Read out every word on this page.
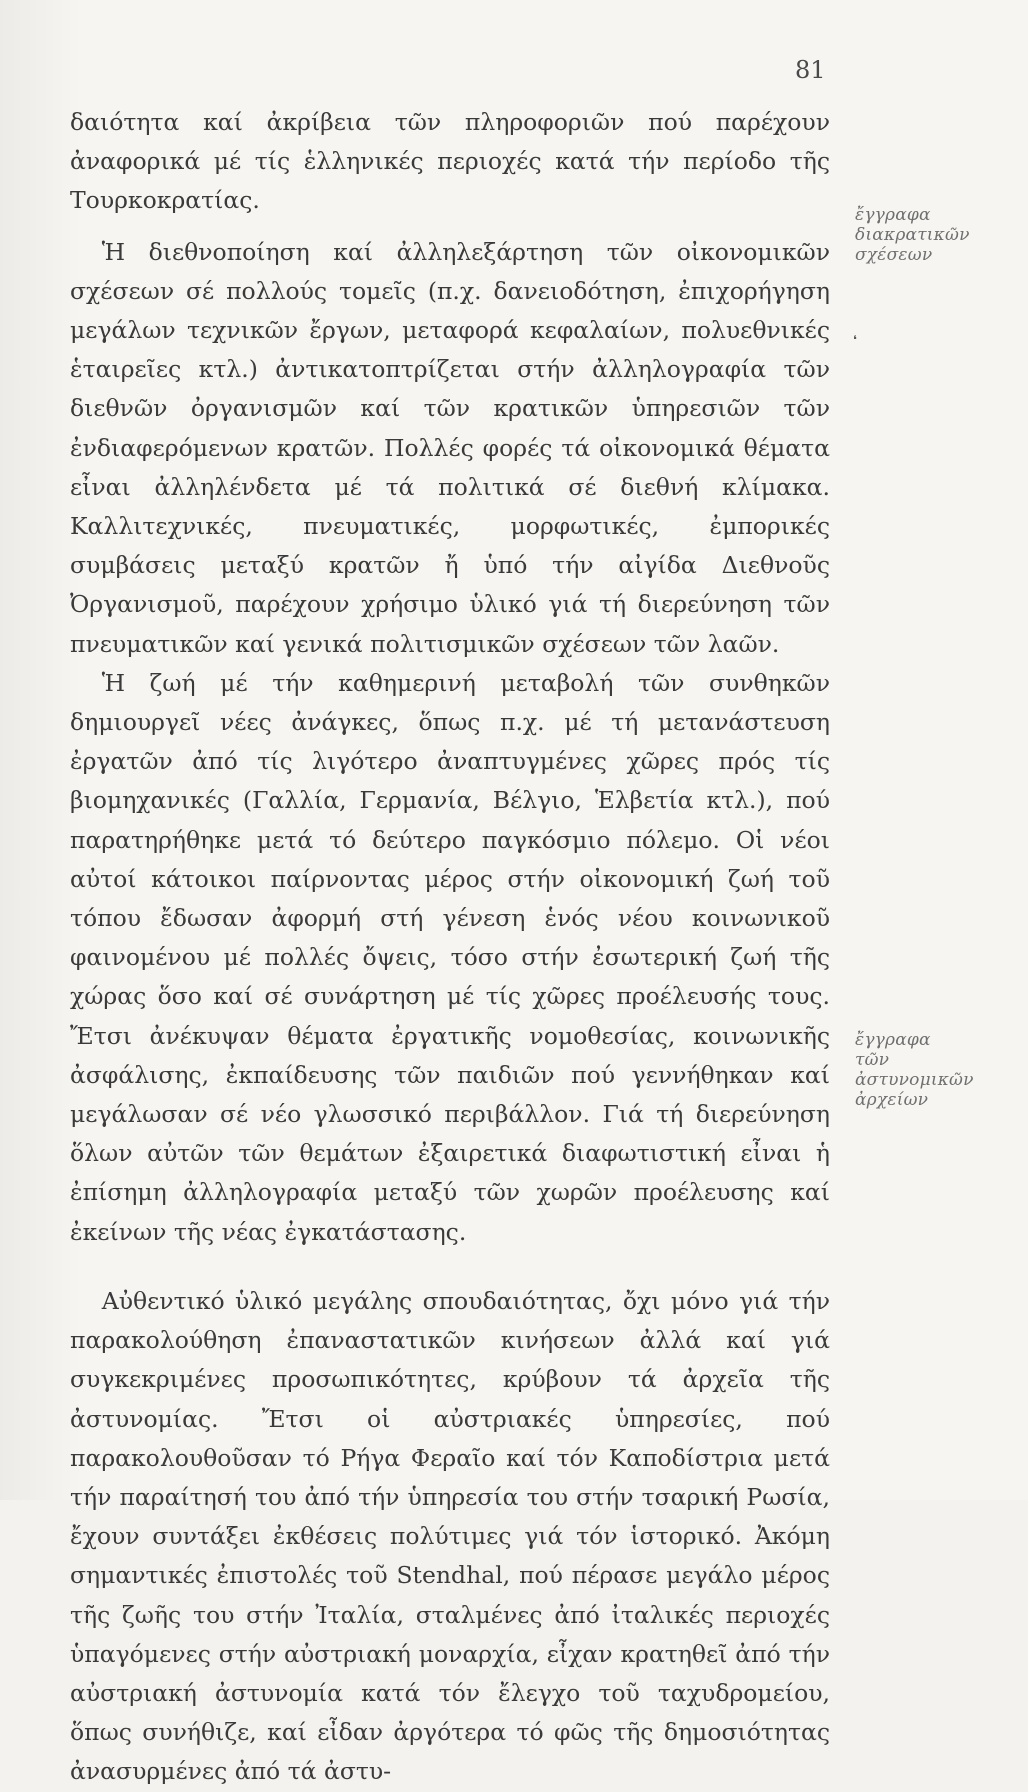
81

δαιότητα καί ἀκρίβεια τῶν πληροφοριῶν πού παρέχουν ἀναφορικά μέ τίς ἑλληνικές περιοχές κατά τήν περίοδο τῆς Τουρκοκρατίας.

Ἡ διεθνοποίηση καί ἀλληλεξάρτηση τῶν οἰκονομικῶν σχέσεων σέ πολλούς τομεῖς (π.χ. δανειοδότηση, ἐπιχορήγηση μεγάλων τεχνικῶν ἔργων, μεταφορά κεφαλαίων, πολυεθνικές ἑταιρεῖες κτλ.) ἀντικατοπτρίζεται στήν ἀλληλογραφία τῶν διεθνῶν ὀργανισμῶν καί τῶν κρατικῶν ὑπηρεσιῶν τῶν ἐνδιαφερόμενων κρατῶν. Πολλές φορές τά οἰκονομικά θέματα εἶναι ἀλληλένδετα μέ τά πολιτικά σέ διεθνή κλίμακα. Καλλιτεχνικές, πνευματικές, μορφωτικές, ἐμπορικές συμβάσεις μεταξύ κρατῶν ἤ ὑπό τήν αἰγίδα Διεθνοῦς Ὀργανισμοῦ, παρέχουν χρήσιμο ὑλικό γιά τή διερεύνηση τῶν πνευματικῶν καί γενικά πολιτισμικῶν σχέσεων τῶν λαῶν.

Ἡ ζωή μέ τήν καθημερινή μεταβολή τῶν συνθηκῶν δημιουργεῖ νέες ἀνάγκες, ὅπως π.χ. μέ τή μετανάστευση ἐργατῶν ἀπό τίς λιγότερο ἀναπτυγμένες χῶρες πρός τίς βιομηχανικές (Γαλλία, Γερμανία, Βέλγιο, Ἑλβετία κτλ.), πού παρατηρήθηκε μετά τό δεύτερο παγκόσμιο πόλεμο. Οἱ νέοι αὐτοί κάτοικοι παίρνοντας μέρος στήν οἰκονομική ζωή τοῦ τόπου ἔδωσαν ἀφορμή στή γένεση ἑνός νέου κοινωνικοῦ φαινομένου μέ πολλές ὄψεις, τόσο στήν ἐσωτερική ζωή τῆς χώρας ὅσο καί σέ συνάρτηση μέ τίς χῶρες προέλευσής τους. Ἔτσι ἀνέκυψαν θέματα ἐργατικῆς νομοθεσίας, κοινωνικῆς ἀσφάλισης, ἐκπαίδευσης τῶν παιδιῶν πού γεννήθηκαν καί μεγάλωσαν σέ νέο γλωσσικό περιβάλλον. Γιά τή διερεύνηση ὅλων αὐτῶν τῶν θεμάτων ἐξαιρετικά διαφωτιστική εἶναι ἡ ἐπίσημη ἀλληλογραφία μεταξύ τῶν χωρῶν προέλευσης καί ἐκείνων τῆς νέας ἐγκατάστασης.

Αὐθεντικό ὑλικό μεγάλης σπουδαιότητας, ὄχι μόνο γιά τήν παρακολούθηση ἐπαναστατικῶν κινήσεων ἀλλά καί γιά συγκεκριμένες προσωπικότητες, κρύβουν τά ἀρχεῖα τῆς ἀστυνομίας. Ἔτσι οἱ αὐστριακές ὑπηρεσίες, πού παρακολουθοῦσαν τό Ρήγα Φεραῖο καί τόν Καποδίστρια μετά τήν παραίτησή του ἀπό τήν ὑπηρεσία του στήν τσαρική Ρωσία, ἔχουν συντάξει ἐκθέσεις πολύτιμες γιά τόν ἱστορικό. Ἀκόμη σημαντικές ἐπιστολές τοῦ Stendhal, πού πέρασε μεγάλο μέρος τῆς ζωῆς του στήν Ἰταλία, σταλμένες ἀπό ἰταλικές περιοχές ὑπαγόμενες στήν αὐστριακή μοναρχία, εἶχαν κρατηθεῖ ἀπό τήν αὐστριακή ἀστυνομία κατά τόν ἔλεγχο τοῦ ταχυδρομείου, ὅπως συνήθιζε, καί εἶδαν ἀργότερα τό φῶς τῆς δημοσιότητας ἀνασυρμένες ἀπό τά ἀστυ-

❛
ἔγγραφα
διακρατικῶν
σχέσεων
ἔγγραφα
τῶν
ἀστυνομικῶν
ἀρχείων
